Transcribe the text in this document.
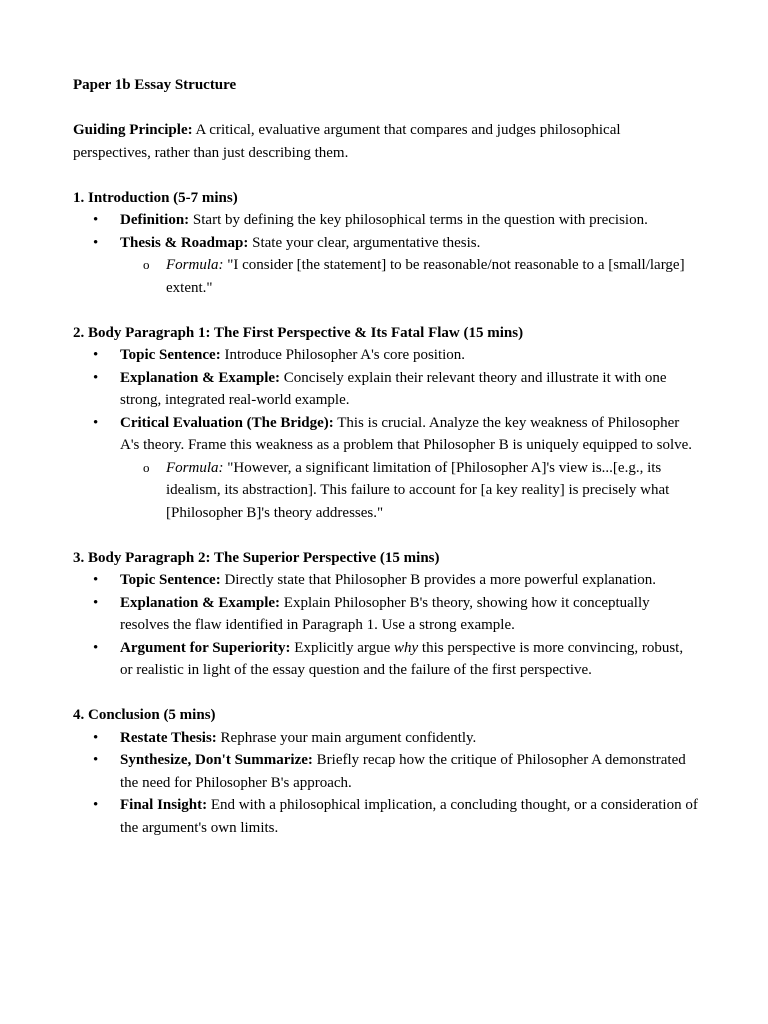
Paper 1b Essay Structure

Guiding Principle: A critical, evaluative argument that compares and judges philosophical perspectives, rather than just describing them.

1. Introduction (5-7 mins)

• Definition: Start by defining the key philosophical terms in the question with precision.
• Thesis & Roadmap: State your clear, argumentative thesis.
o Formula: "I consider [the statement] to be reasonable/not reasonable to a [small/large] extent."

2. Body Paragraph 1: The First Perspective & Its Fatal Flaw (15 mins)

• Topic Sentence: Introduce Philosopher A's core position.
• Explanation & Example: Concisely explain their relevant theory and illustrate it with one strong, integrated real-world example.
• Critical Evaluation (The Bridge): This is crucial. Analyze the key weakness of Philosopher A's theory. Frame this weakness as a problem that Philosopher B is uniquely equipped to solve.
o Formula: "However, a significant limitation of [Philosopher A]'s view is...[e.g., its idealism, its abstraction]. This failure to account for [a key reality] is precisely what [Philosopher B]'s theory addresses."

3. Body Paragraph 2: The Superior Perspective (15 mins)

• Topic Sentence: Directly state that Philosopher B provides a more powerful explanation.
• Explanation & Example: Explain Philosopher B's theory, showing how it conceptually resolves the flaw identified in Paragraph 1. Use a strong example.
• Argument for Superiority: Explicitly argue why this perspective is more convincing, robust, or realistic in light of the essay question and the failure of the first perspective.

4. Conclusion (5 mins)

• Restate Thesis: Rephrase your main argument confidently.
• Synthesize, Don't Summarize: Briefly recap how the critique of Philosopher A demonstrated the need for Philosopher B's approach.
• Final Insight: End with a philosophical implication, a concluding thought, or a consideration of the argument's own limits.
